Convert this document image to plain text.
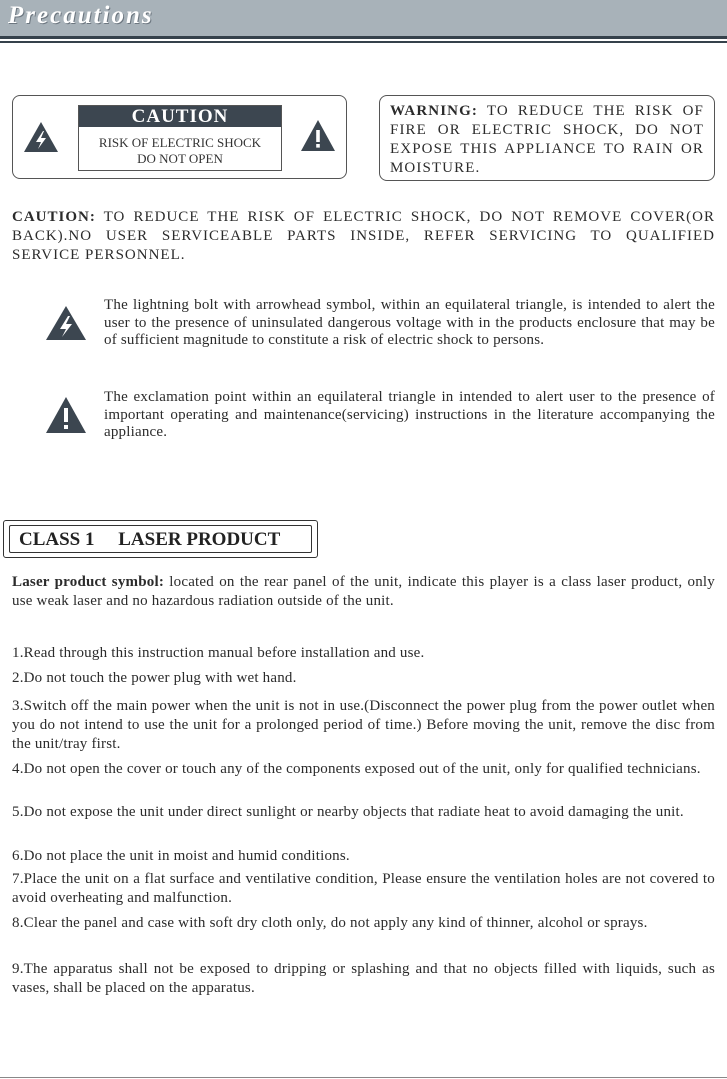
Precautions
CAUTION
RISK OF ELECTRIC SHOCK
DO NOT OPEN
WARNING: TO REDUCE THE RISK OF FIRE OR ELECTRIC SHOCK, DO NOT EXPOSE THIS APPLIANCE TO RAIN OR MOISTURE.

CAUTION: TO REDUCE THE RISK OF ELECTRIC SHOCK, DO NOT REMOVE COVER(OR BACK).NO USER SERVICEABLE PARTS INSIDE, REFER SERVICING TO QUALIFIED SERVICE PERSONNEL.

The lightning bolt with arrowhead symbol, within an equilateral triangle, is intended to alert the user to the presence of uninsulated dangerous voltage with in the products enclosure that may be of sufficient magnitude to constitute a risk of electric shock to persons.

The exclamation point within an equilateral triangle in intended to alert user to the presence of important operating and maintenance(servicing) instructions in the literature accompanying the appliance.

CLASS 1     LASER PRODUCT

Laser product symbol: located on the rear panel of the unit, indicate this player is a class laser product, only use weak laser and no hazardous radiation outside of the unit.

1.Read through this instruction manual before installation and use.

2.Do not touch the power plug with wet hand.

3.Switch off the main power when the unit is not in use.(Disconnect the power plug from the power outlet when you do not intend to use the unit for a prolonged period of time.) Before moving the unit, remove the disc from the unit/tray first.

4.Do not open the cover or touch any of the components exposed out of the unit, only for qualified technicians.

5.Do not expose the unit under direct sunlight or nearby objects that radiate heat to avoid damaging the unit.

6.Do not place the unit in moist and humid conditions.

7.Place the unit on a flat surface and ventilative condition, Please ensure the ventilation holes are not covered to avoid overheating and malfunction.

8.Clear the panel and case with soft dry cloth only, do not apply any kind of thinner, alcohol or sprays.

9.The apparatus shall not be exposed to dripping or splashing and that no objects filled with liquids, such as vases, shall be placed on the apparatus.
